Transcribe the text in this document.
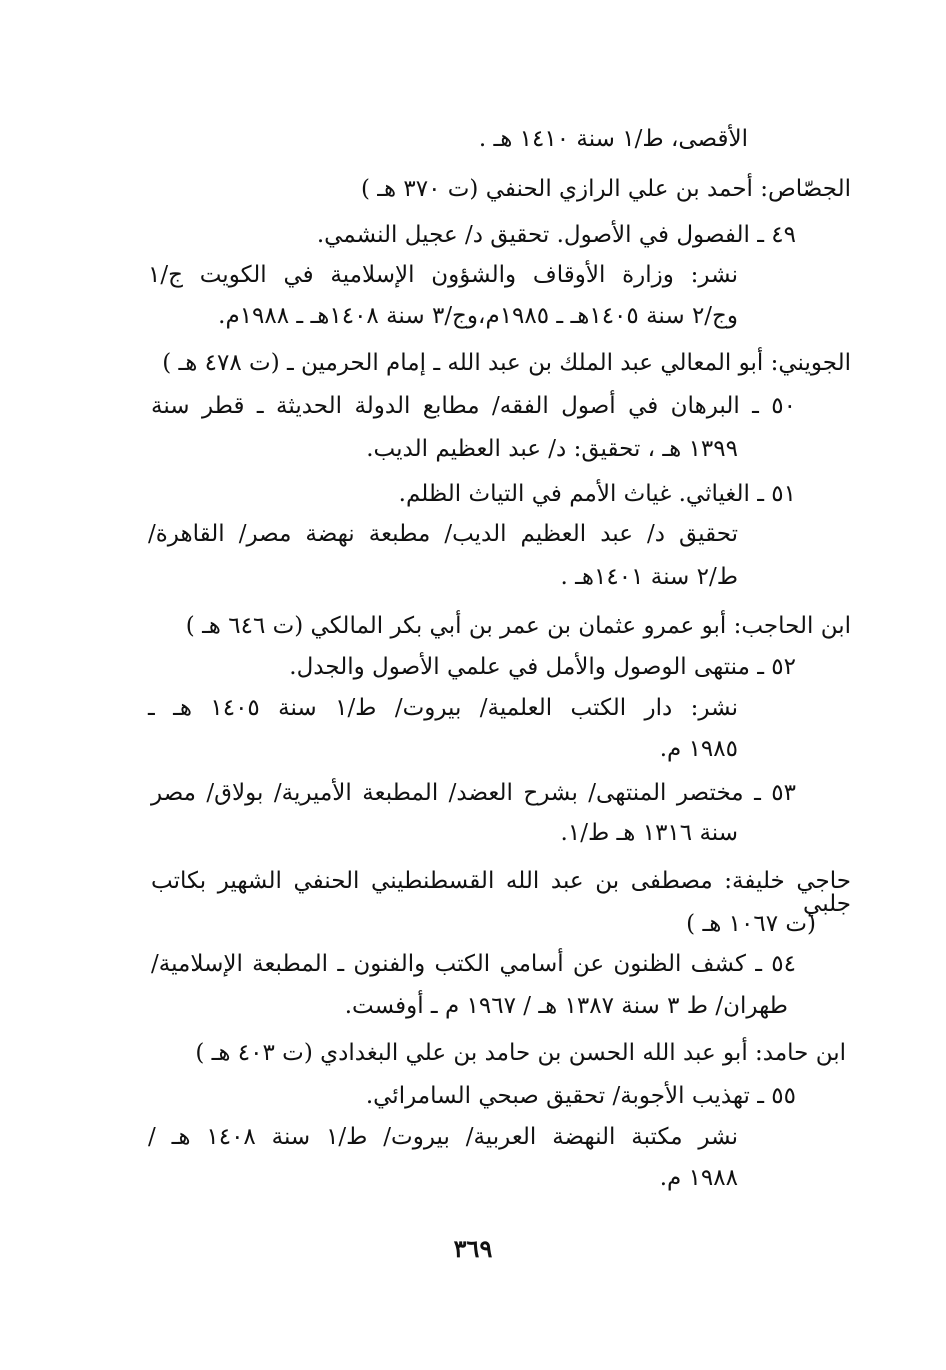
الأقصى، ط/١ سنة ١٤١٠ هـ .
الجصّاص: أحمد بن علي الرازي الحنفي (ت ٣٧٠ هـ )
٤٩ ـ الفصول في الأصول. تحقيق د/ عجيل النشمي.
نشر: وزارة الأوقاف والشؤون الإسلامية في الكويت ج/١
وج/٢ سنة ١٤٠٥هـ ـ ١٩٨٥م،وج/٣ سنة ١٤٠٨هـ ـ ١٩٨٨م.
الجويني: أبو المعالي عبد الملك بن عبد الله ـ إمام الحرمين ـ (ت ٤٧٨ هـ )
٥٠ ـ البرهان في أصول الفقه/ مطابع الدولة الحديثة ـ قطر سنة
١٣٩٩ هـ ، تحقيق: د/ عبد العظيم الديب.
٥١ ـ الغياثي. غياث الأمم في التياث الظلم.
تحقيق د/ عبد العظيم الديب/ مطبعة نهضة مصر/ القاهرة/
ط/٢ سنة ١٤٠١هـ .
ابن الحاجب: أبو عمرو عثمان بن عمر بن أبي بكر المالكي (ت ٦٤٦ هـ )
٥٢ ـ منتهى الوصول والأمل في علمي الأصول والجدل.
نشر: دار الكتب العلمية/ بيروت/ ط/١ سنة ١٤٠٥ هـ ـ
١٩٨٥ م.
٥٣ ـ مختصر المنتهى/ بشرح العضد/ المطبعة الأميرية/ بولاق/ مصر
سنة ١٣١٦ هـ ط/١.
حاجي خليفة: مصطفى بن عبد الله القسطنطيني الحنفي الشهير بكاتب جلبي
(ت ١٠٦٧ هـ )
٥٤ ـ كشف الظنون عن أسامي الكتب والفنون ـ المطبعة الإسلامية/
طهران/ ط ٣ سنة ١٣٨٧ هـ / ١٩٦٧ م ـ أوفست.
ابن حامد: أبو عبد الله الحسن بن حامد بن علي البغدادي (ت ٤٠٣ هـ )
٥٥ ـ تهذيب الأجوبة/ تحقيق صبحي السامرائي.
نشر مكتبة النهضة العربية/ بيروت/ ط/١ سنة ١٤٠٨ هـ /
١٩٨٨ م.
٣٦٩
